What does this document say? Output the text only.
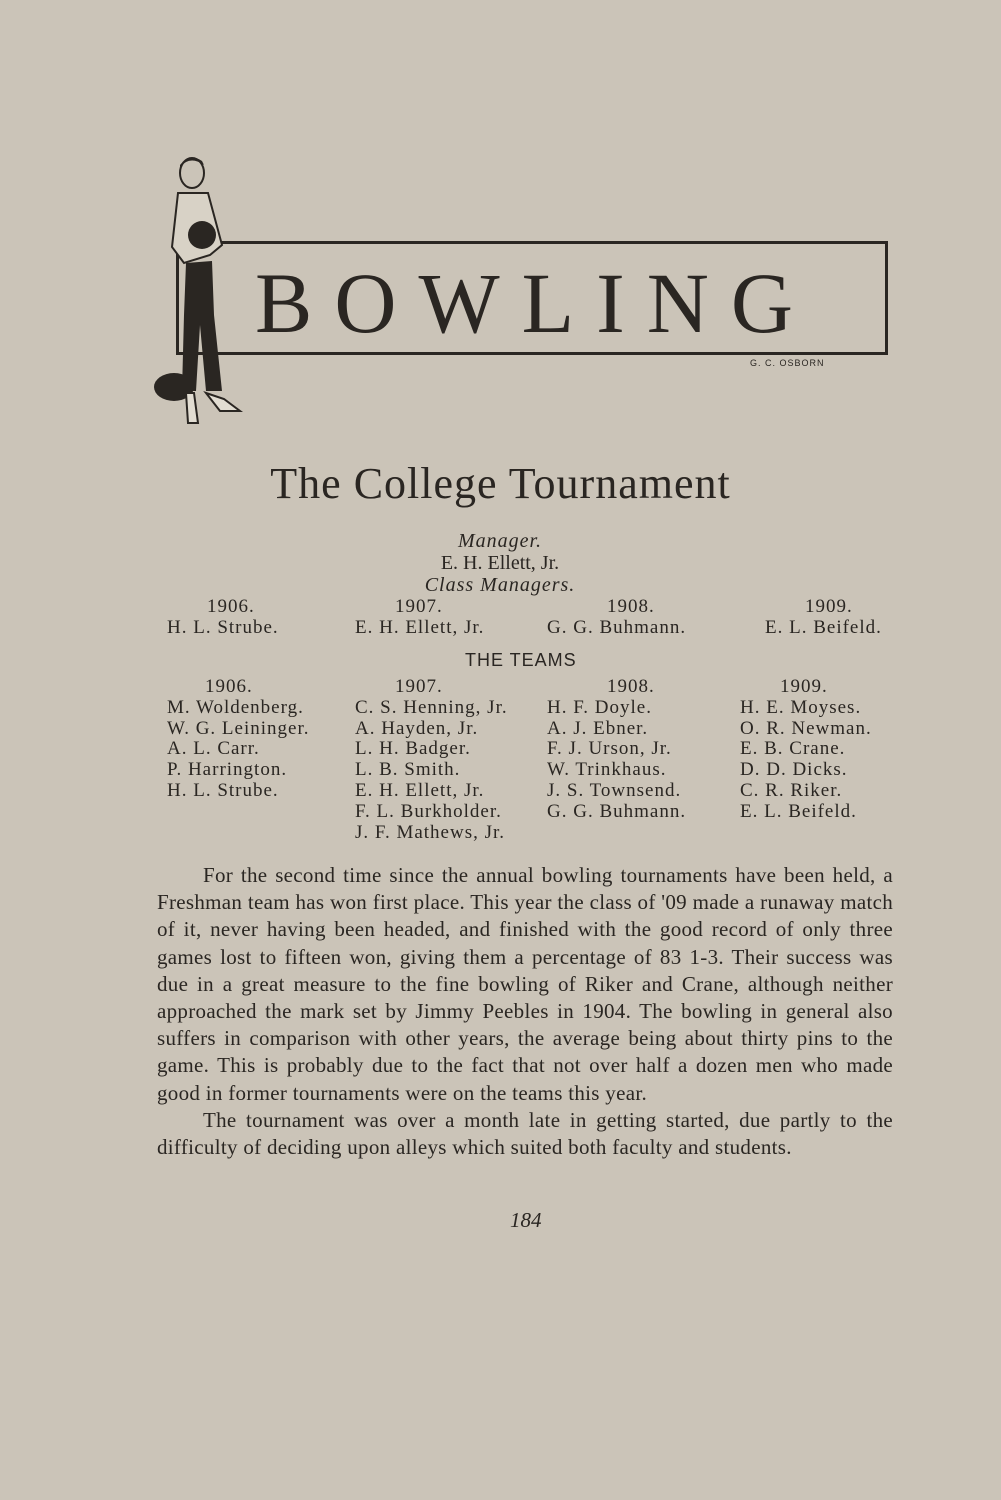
BOWLING
G. C. OSBORN
The College Tournament
Manager.
E. H. Ellett, Jr.
Class Managers.
1906.
H. L. Strube.
1907.
E. H. Ellett, Jr.
1908.
G. G. Buhmann.
1909.
E. L. Beifeld.
THE TEAMS
1906.
M. Woldenberg.
W. G. Leininger.
A. L. Carr.
P. Harrington.
H. L. Strube.
1907.
C. S. Henning, Jr.
A. Hayden, Jr.
L. H. Badger.
L. B. Smith.
E. H. Ellett, Jr.
F. L. Burkholder.
J. F. Mathews, Jr.
1908.
H. F. Doyle.
A. J. Ebner.
F. J. Urson, Jr.
W. Trinkhaus.
J. S. Townsend.
G. G. Buhmann.
1909.
H. E. Moyses.
O. R. Newman.
E. B. Crane.
D. D. Dicks.
C. R. Riker.
E. L. Beifeld.

For the second time since the annual bowling tournaments have been held, a Freshman team has won first place. This year the class of '09 made a runaway match of it, never having been headed, and finished with the good record of only three games lost to fifteen won, giving them a percentage of 83 1-3. Their success was due in a great measure to the fine bowling of Riker and Crane, although neither approached the mark set by Jimmy Peebles in 1904. The bowling in general also suffers in comparison with other years, the average being about thirty pins to the game. This is probably due to the fact that not over half a dozen men who made good in former tournaments were on the teams this year.

The tournament was over a month late in getting started, due partly to the difficulty of deciding upon alleys which suited both faculty and students.

184
